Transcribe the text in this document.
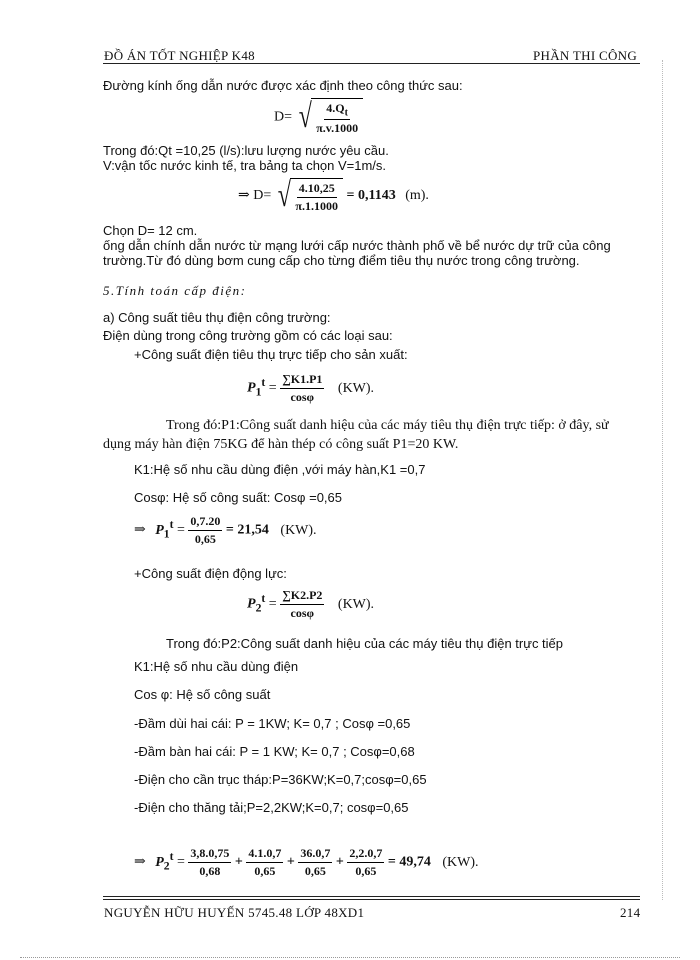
ĐỒ ÁN TỐT NGHIỆP K48	PHẦN THI CÔNG
Đường kính ống dẫn nước được xác định theo công thức sau:
D= √ $\frac{4.Q_t}{\pi.v.1000}$
Trong đó:Qt =10,25 (l/s):lưu lượng nước yêu cầu.
V:vận tốc nước kinh tế, tra bảng ta chọn V=1m/s.
⇒ D= √ $\frac{4.10,25}{\pi.1.1000} = 0,1143$ (m).
Chọn D= 12 cm.
ống dẫn chính dẫn nước từ mạng lưới cấp nước thành phố về bể nước dự trữ của công
trường.Từ đó dùng bơm cung cấp cho từng điểm tiêu thụ nước trong công trường.
5.Tính toán cấp điện:
a) Công suất tiêu thụ điện công trường:
Điện dùng trong công trường gồm có các loại sau:
+Công suất điện tiêu thụ trực tiếp cho sản xuất:
$P_1^t = \frac{\sum K1.P1}{\cos\varphi} (KW)$.
Trong đó:P1:Công suất danh hiệu của các máy tiêu thụ điện trực tiếp: ở đây, sử
dụng máy hàn điện 75KG để hàn thép có công suất P1=20 KW.
K1:Hệ số nhu cầu dùng điện ,với máy hàn,K1 =0,7
Cosφ: Hệ số công suất: Cosφ =0,65
⇒ $P_1^t = \frac{0,7.20}{0,65} = 21,54$ (KW).
+Công suất điện động lực:
$P_2^t = \frac{\sum K2.P2}{\cos\varphi} (KW)$.
Trong đó:P2:Công suất danh hiệu của các máy tiêu thụ điện trực tiếp
K1:Hệ số nhu cầu dùng điện
Cos φ: Hệ số công suất
-Đầm dùi hai cái: P = 1KW; K= 0,7 ; Cosφ =0,65
-Đầm bàn hai cái: P = 1 KW; K= 0,7 ; Cosφ=0,68
-Điện cho cần trục tháp:P=36KW;K=0,7;cosφ=0,65
-Điện cho thăng tải;P=2,2KW;K=0,7; cosφ=0,65
⇒ $P_2^t = \frac{3,8.0,75}{0,68} + \frac{4.1.0,7}{0,65} + \frac{36.0,7}{0,65} + \frac{2,2.0,7}{0,65} = 49,74$ (KW).
NGUYỄN HỮU HUYẾN 5745.48 LỚP 48XD1	214
